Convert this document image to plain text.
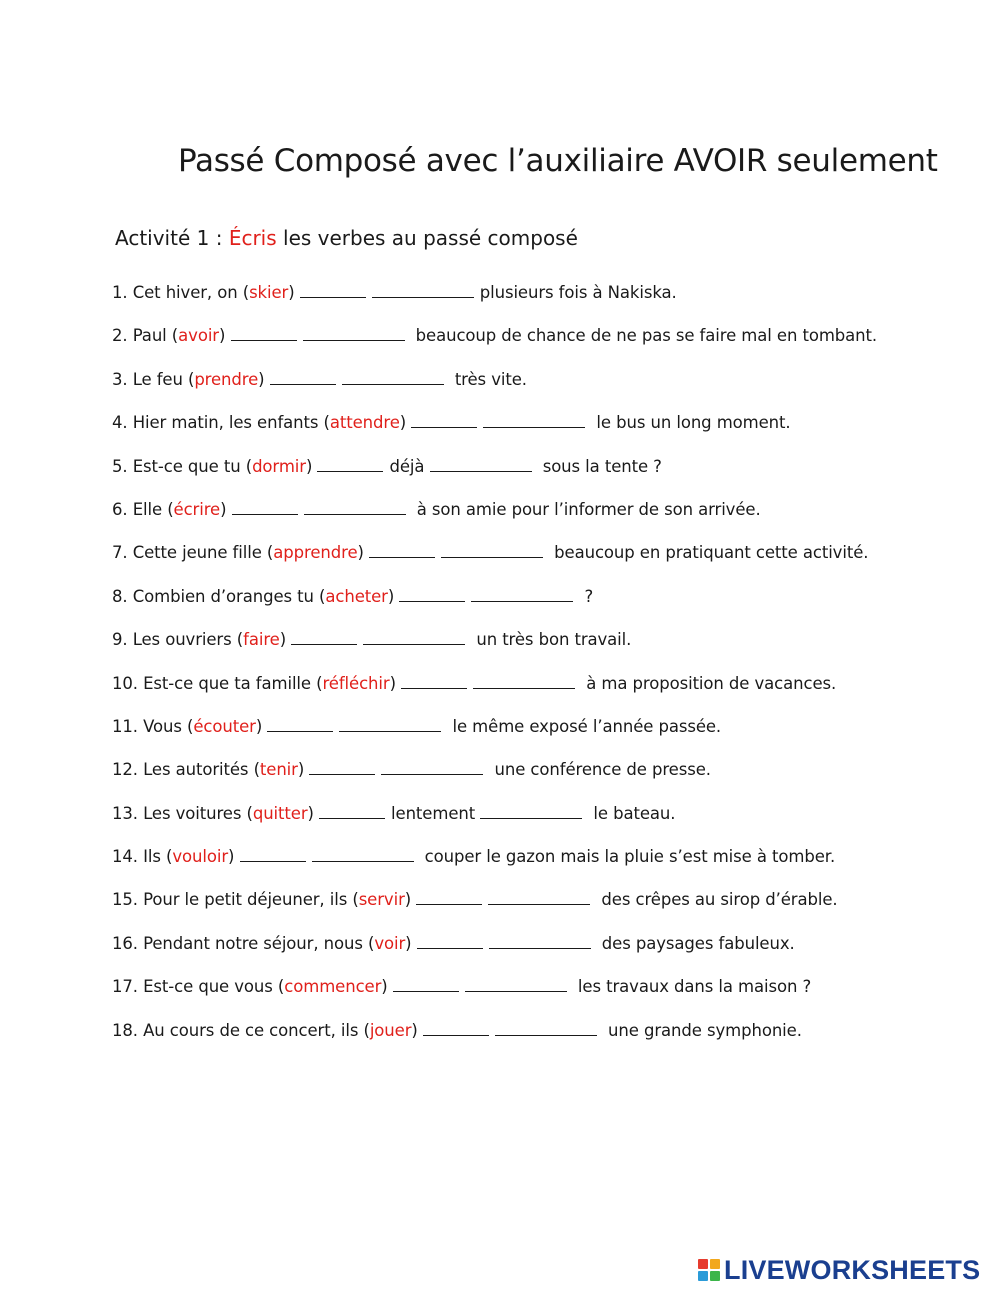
Passé Composé avec l’auxiliaire AVOIR seulement
Activité 1 : Écris les verbes au passé composé
1. Cet hiver, on (skier)	plusieurs fois à Nakiska.
2. Paul (avoir)	beaucoup de chance de ne pas se faire mal en tombant.
3. Le feu (prendre)	très vite.
4. Hier matin, les enfants (attendre)	le bus un long moment.
5. Est-ce que tu (dormir)	déjà	sous la tente ?
6. Elle (écrire)	à son amie pour l’informer de son arrivée.
7. Cette jeune fille (apprendre)	beaucoup en pratiquant cette activité.
8. Combien d’oranges tu (acheter)	?
9. Les ouvriers (faire)	un très bon travail.
10. Est-ce que ta famille (réfléchir)	à ma proposition de vacances.
11. Vous (écouter)	le même exposé l’année passée.
12. Les autorités (tenir)	une conférence de presse.
13. Les voitures (quitter)	lentement	le bateau.
14. Ils (vouloir)	couper le gazon mais la pluie s’est mise à tomber.
15. Pour le petit déjeuner, ils (servir)	des crêpes au sirop d’érable.
16. Pendant notre séjour, nous (voir)	des paysages fabuleux.
17. Est-ce que vous (commencer)	les travaux dans la maison ?
18. Au cours de ce concert, ils (jouer)	une grande symphonie.
LIVEWORKSHEETS
